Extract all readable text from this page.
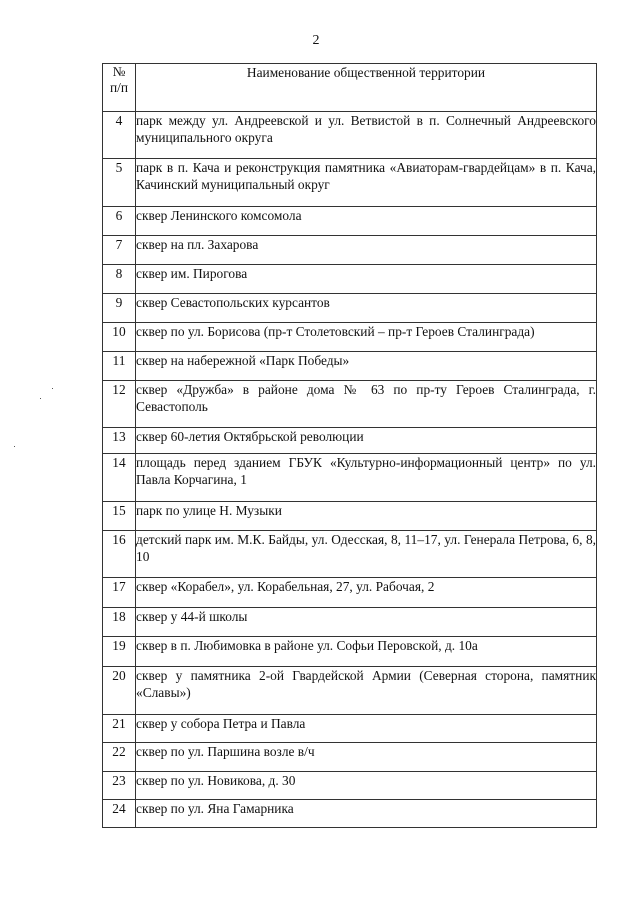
2
№
п/п	Наименование общественной территории
4	парк между ул. Андреевской и ул. Ветвистой в п. Солнечный Андреевского муниципального округа
5	парк в п. Кача и реконструкция памятника «Авиаторам-гвардейцам» в п. Кача, Качинский муниципальный округ
6	сквер Ленинского комсомола
7	сквер на пл. Захарова
8	сквер им. Пирогова
9	сквер Севастопольских курсантов
10	сквер по ул. Борисова (пр-т Столетовский – пр-т Героев Сталинграда)
11	сквер на набережной «Парк Победы»
12	сквер «Дружба» в районе дома № 63 по пр-ту Героев Сталинграда, г. Севастополь
13	сквер 60-летия Октябрьской революции
14	площадь перед зданием ГБУК «Культурно-информационный центр» по ул. Павла Корчагина, 1
15	парк по улице Н. Музыки
16	детский парк им. М.К. Байды, ул. Одесская, 8, 11–17, ул. Генерала Петрова, 6, 8, 10
17	сквер «Корабел», ул. Корабельная, 27, ул. Рабочая, 2
18	сквер у 44-й школы
19	сквер в п. Любимовка в районе ул. Софьи Перовской, д. 10а
20	сквер у памятника 2-ой Гвардейской Армии (Северная сторона, памятник «Славы»)
21	сквер у собора Петра и Павла
22	сквер по ул. Паршина возле в/ч
23	сквер по ул. Новикова, д. 30
24	сквер по ул. Яна Гамарника
